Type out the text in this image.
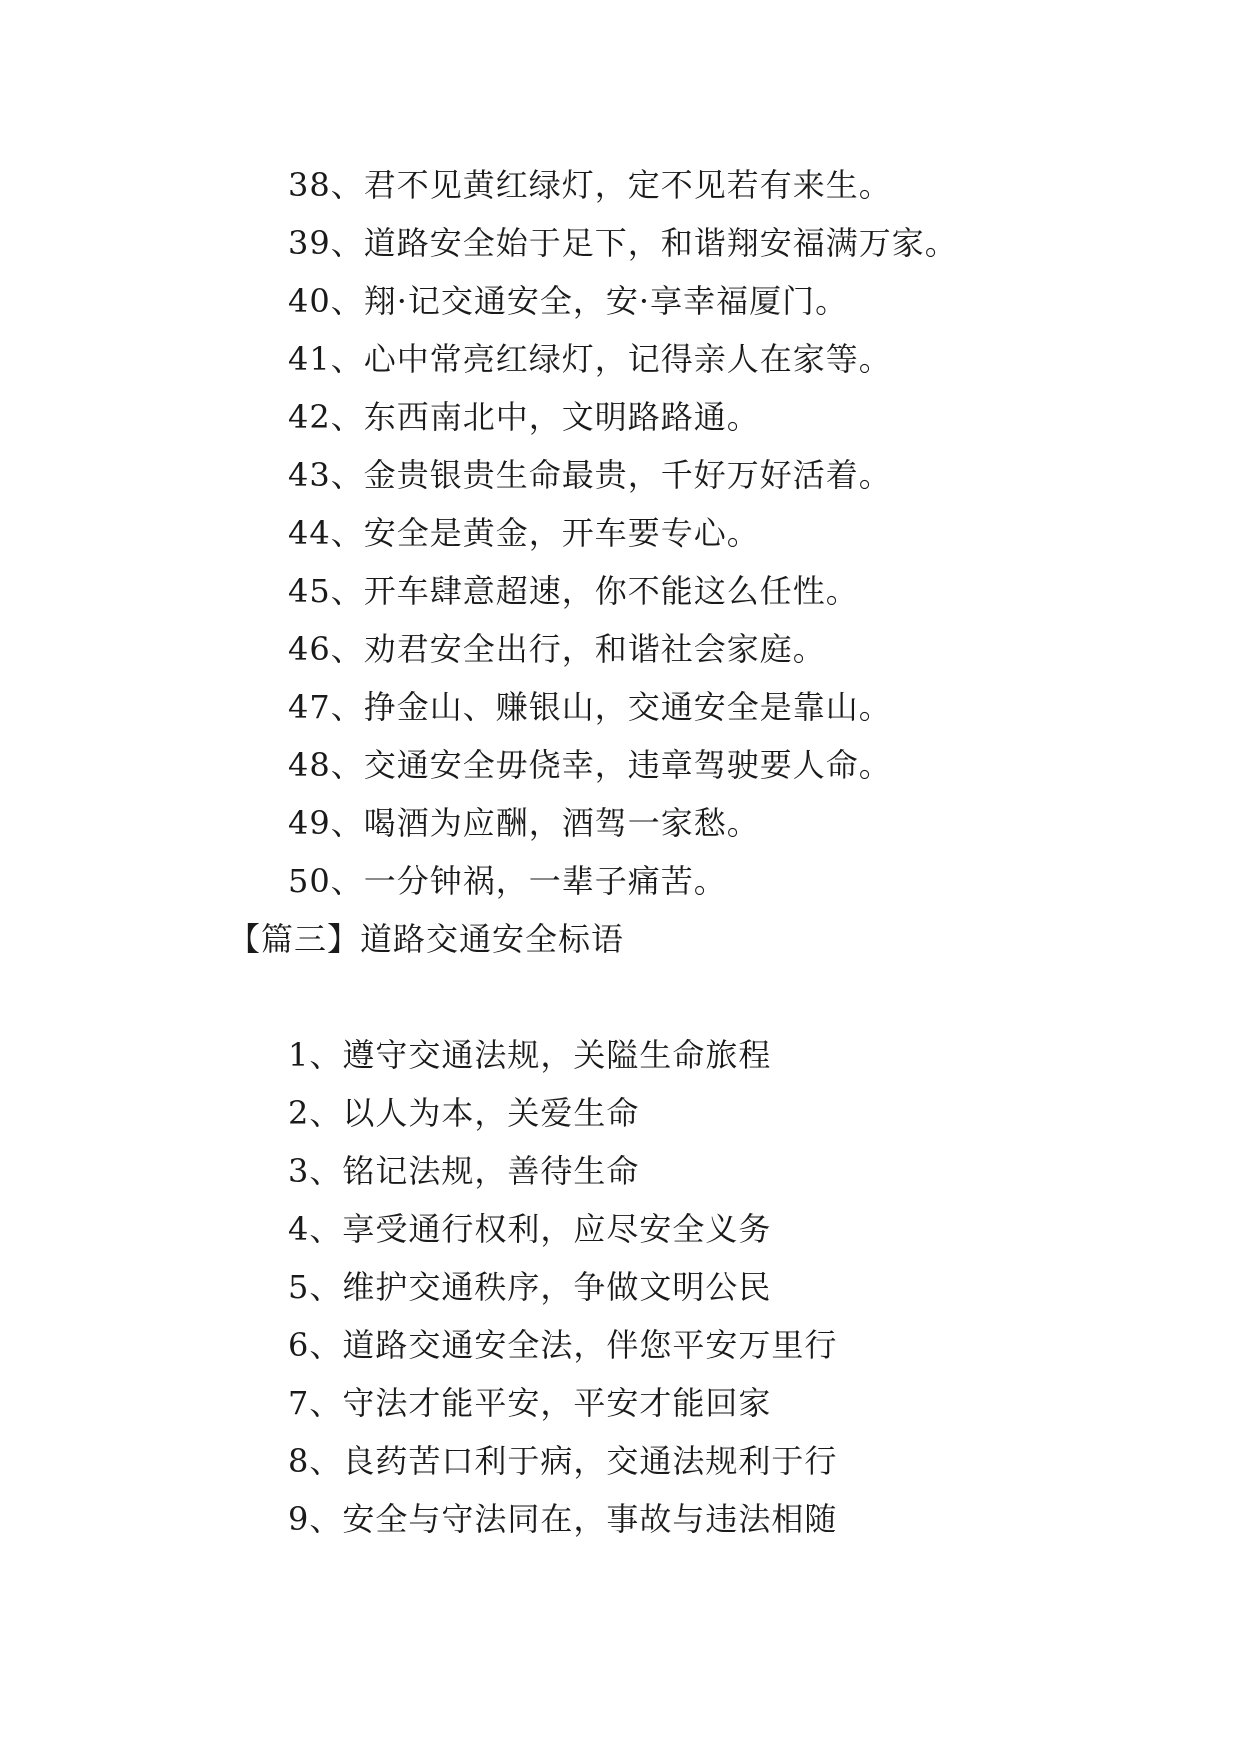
38、君不见黄红绿灯，定不见若有来生。
39、道路安全始于足下，和谐翔安福满万家。
40、翔·记交通安全，安·享幸福厦门。
41、心中常亮红绿灯，记得亲人在家等。
42、东西南北中，文明路路通。
43、金贵银贵生命最贵，千好万好活着。
44、安全是黄金，开车要专心。
45、开车肆意超速，你不能这么任性。
46、劝君安全出行，和谐社会家庭。
47、挣金山、赚银山，交通安全是靠山。
48、交通安全毋侥幸，违章驾驶要人命。
49、喝酒为应酬，酒驾一家愁。
50、一分钟祸，一辈子痛苦。
【篇三】道路交通安全标语
1、遵守交通法规，关隘生命旅程
2、以人为本，关爱生命
3、铭记法规，善待生命
4、享受通行权利，应尽安全义务
5、维护交通秩序，争做文明公民
6、道路交通安全法，伴您平安万里行
7、守法才能平安，平安才能回家
8、良药苦口利于病，交通法规利于行
9、安全与守法同在，事故与违法相随
